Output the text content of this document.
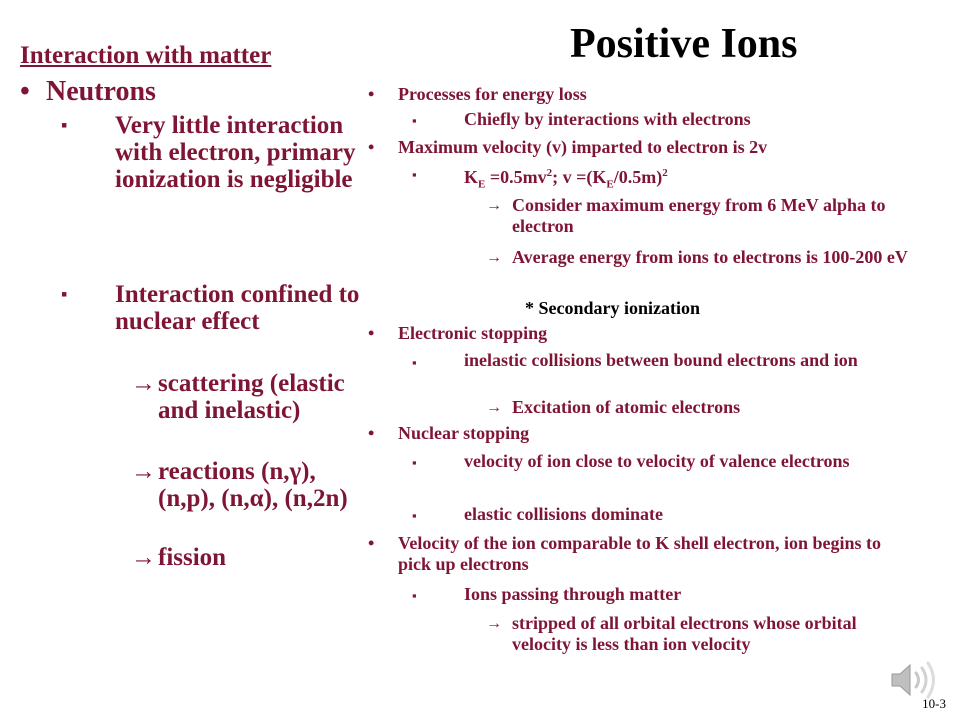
Interaction with matter
• Neutrons
▪ Very little interaction with electron, primary ionization is negligible
▪ Interaction confined to nuclear effect
→ scattering (elastic and inelastic)
→ reactions (n,γ), (n,p), (n,α), (n,2n)
→ fission
Positive Ions
• Processes for energy loss
▪	Chiefly by interactions with electrons
• Maximum velocity (v) imparted to electron is 2v
▪	$K_E =0.5mv^2$; $v =(K_E/0.5m)^2$
→ Consider maximum energy from 6 MeV alpha to electron
→ Average energy from ions to electrons is 100-200 eV
* Secondary ionization
• Electronic stopping
▪	inelastic collisions between bound electrons and ion
→ Excitation of atomic electrons
• Nuclear stopping
▪	velocity of ion close to velocity of valence electrons
▪	elastic collisions dominate
• Velocity of the ion comparable to K shell electron, ion begins to pick up electrons
▪	Ions passing through matter
→ stripped of all orbital electrons whose orbital velocity is less than ion velocity
10-3
